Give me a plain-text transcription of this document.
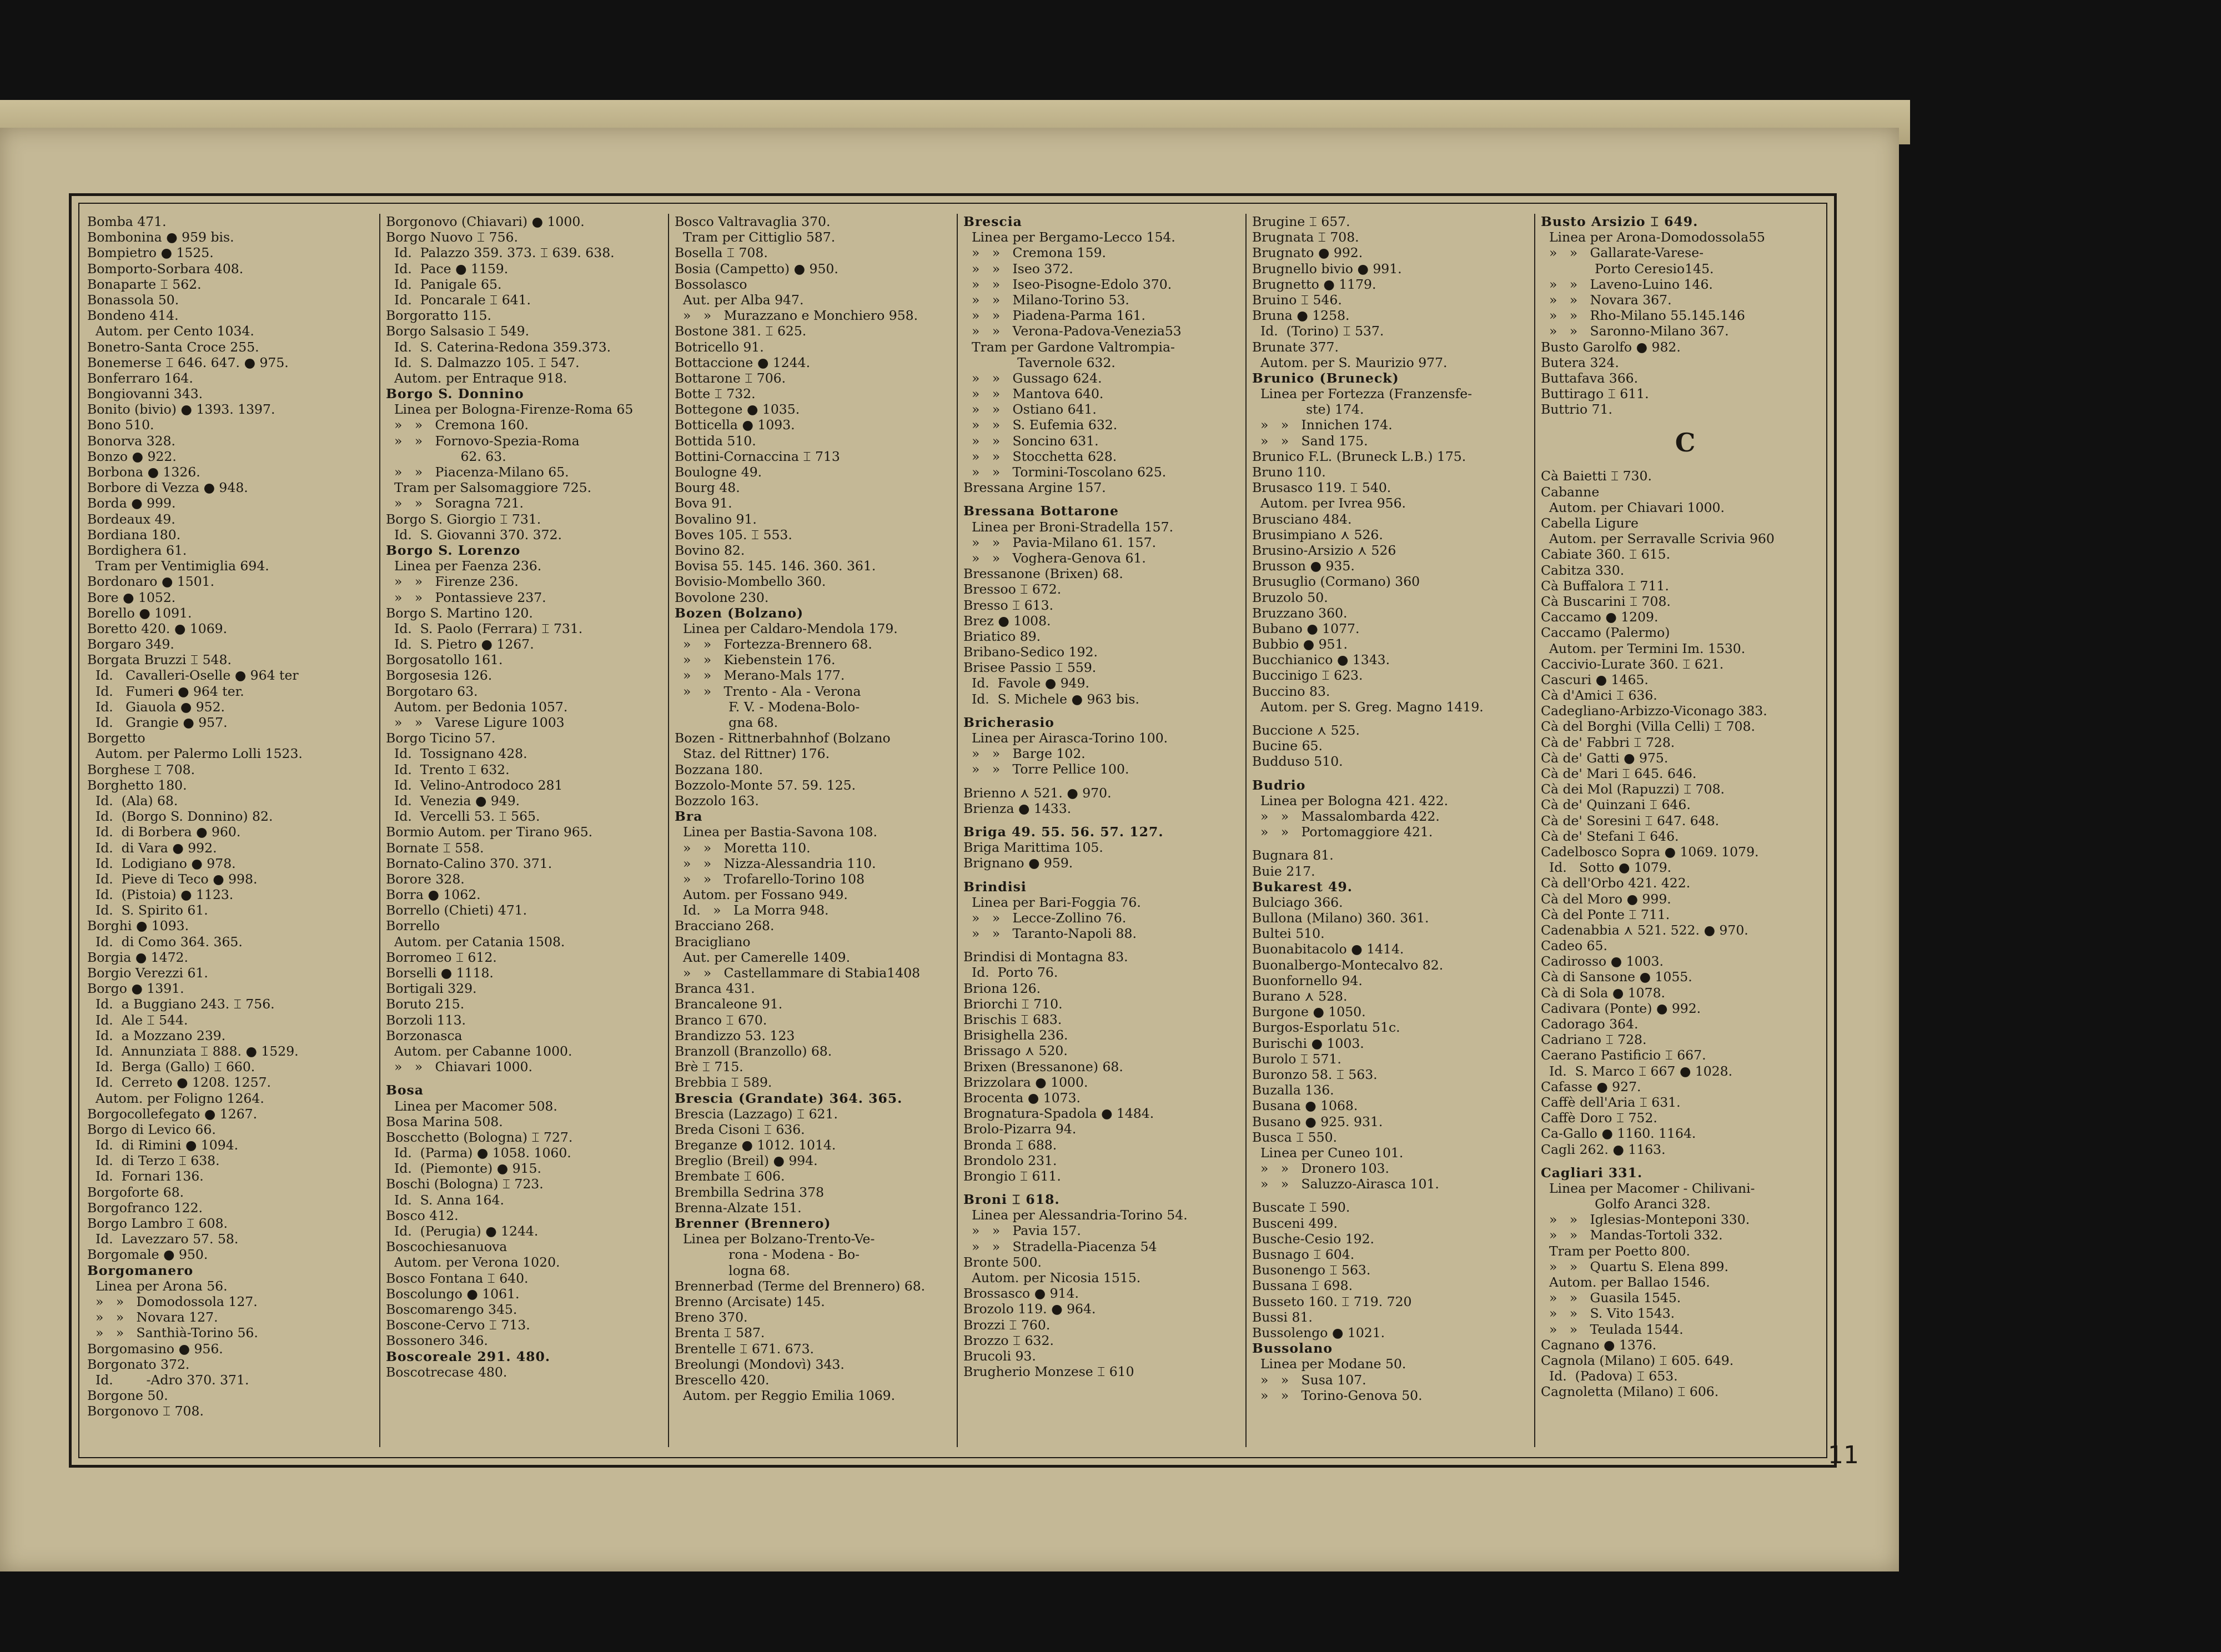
Bomba 471.
Bombonina ● 959 bis.
Bompietro ● 1525.
Bomporto-Sorbara 408.
Bonaparte ⌶ 562.
Bonassola 50.
Bondeno 414.
Autom. per Cento 1034.
Bonetro-Santa Croce 255.
Bonemerse ⌶ 646. 647. ● 975.
Bonferraro 164.
Bongiovanni 343.
Bonito (bivio) ● 1393. 1397.
Bono 510.
Bonorva 328.
Bonzo ● 922.
Borbona ● 1326.
Borbore di Vezza ● 948.
Borda ● 999.
Bordeaux 49.
Bordiana 180.
Bordighera 61.
Tram per Ventimiglia 694.
Bordonaro ● 1501.
Bore ● 1052.
Borello ● 1091.
Boretto 420. ● 1069.
Borgaro 349.
Borgata Bruzzi ⌶ 548.
Id.   Cavalleri-Oselle ● 964 ter
Id.   Fumeri ● 964 ter.
Id.   Giauola ● 952.
Id.   Grangie ● 957.
Borgetto
Autom. per Palermo Lolli 1523.
Borghese ⌶ 708.
Borghetto 180.
Id.  (Ala) 68.
Id.  (Borgo S. Donnino) 82.
Id.  di Borbera ● 960.
Id.  di Vara ● 992.
Id.  Lodigiano ● 978.
Id.  Pieve di Teco ● 998.
Id.  (Pistoia) ● 1123.
Id.  S. Spirito 61.
Borghi ● 1093.
Id.  di Como 364. 365.
Borgia ● 1472.
Borgio Verezzi 61.
Borgo ● 1391.
Id.  a Buggiano 243. ⌶ 756.
Id.  Ale ⌶ 544.
Id.  a Mozzano 239.
Id.  Annunziata ⌶ 888. ● 1529.
Id.  Berga (Gallo) ⌶ 660.
Id.  Cerreto ● 1208. 1257.
Autom. per Foligno 1264.
Borgocollefegato ● 1267.
Borgo di Levico 66.
Id.  di Rimini ● 1094.
Id.  di Terzo ⌶ 638.
Id.  Fornari 136.
Borgoforte 68.
Borgofranco 122.
Borgo Lambro ⌶ 608.
Id.  Lavezzaro 57. 58.
Borgomale ● 950.
Borgomanero
Linea per Arona 56.
»   »   Domodossola 127.
»   »   Novara 127.
»   »   Santhià-Torino 56.
Borgomasino ● 956.
Borgonato 372.
Id.        -Adro 370. 371.
Borgone 50.
Borgonovo ⌶ 708.
Borgonovo (Chiavari) ● 1000.
Borgo Nuovo ⌶ 756.
Id.  Palazzo 359. 373. ⌶ 639. 638.
Id.  Pace ● 1159.
Id.  Panigale 65.
Id.  Poncarale ⌶ 641.
Borgoratto 115.
Borgo Salsasio ⌶ 549.
Id.  S. Caterina-Redona 359.373.
Id.  S. Dalmazzo 105. ⌶ 547.
Autom. per Entraque 918.
Borgo S. Donnino
Linea per Bologna-Firenze-Roma 65
»   »   Cremona 160.
»   »   Fornovo-Spezia-Roma
62. 63.
»   »   Piacenza-Milano 65.
Tram per Salsomaggiore 725.
»   »   Soragna 721.
Borgo S. Giorgio ⌶ 731.
Id.  S. Giovanni 370. 372.
Borgo S. Lorenzo
Linea per Faenza 236.
»   »   Firenze 236.
»   »   Pontassieve 237.
Borgo S. Martino 120.
Id.  S. Paolo (Ferrara) ⌶ 731.
Id.  S. Pietro ● 1267.
Borgosatollo 161.
Borgosesia 126.
Borgotaro 63.
Autom. per Bedonia 1057.
»   »   Varese Ligure 1003
Borgo Ticino 57.
Id.  Tossignano 428.
Id.  Trento ⌶ 632.
Id.  Velino-Antrodoco 281
Id.  Venezia ● 949.
Id.  Vercelli 53. ⌶ 565.
Bormio Autom. per Tirano 965.
Bornate ⌶ 558.
Bornato-Calino 370. 371.
Borore 328.
Borra ● 1062.
Borrello (Chieti) 471.
Borrello
Autom. per Catania 1508.
Borromeo ⌶ 612.
Borselli ● 1118.
Bortigali 329.
Boruto 215.
Borzoli 113.
Borzonasca
Autom. per Cabanne 1000.
»   »   Chiavari 1000.
Bosa
Linea per Macomer 508.
Bosa Marina 508.
Boscchetto (Bologna) ⌶ 727.
Id.  (Parma) ● 1058. 1060.
Id.  (Piemonte) ● 915.
Boschi (Bologna) ⌶ 723.
Id.  S. Anna 164.
Bosco 412.
Id.  (Perugia) ● 1244.
Boscochiesanuova
Autom. per Verona 1020.
Bosco Fontana ⌶ 640.
Boscolungo ● 1061.
Boscomarengo 345.
Boscone-Cervo ⌶ 713.
Bossonero 346.
Boscoreale 291. 480.
Boscotrecase 480.
Bosco Valtravaglia 370.
Tram per Cittiglio 587.
Bosella ⌶ 708.
Bosia (Campetto) ● 950.
Bossolasco
Aut. per Alba 947.
»   »   Murazzano e Monchiero 958.
Bostone 381. ⌶ 625.
Botricello 91.
Bottaccione ● 1244.
Bottarone ⌶ 706.
Botte ⌶ 732.
Bottegone ● 1035.
Botticella ● 1093.
Bottida 510.
Bottini-Cornaccina ⌶ 713
Boulogne 49.
Bourg 48.
Bova 91.
Bovalino 91.
Boves 105. ⌶ 553.
Bovino 82.
Bovisa 55. 145. 146. 360. 361.
Bovisio-Mombello 360.
Bovolone 230.
Bozen (Bolzano)
Linea per Caldaro-Mendola 179.
»   »   Fortezza-Brennero 68.
»   »   Kiebenstein 176.
»   »   Merano-Mals 177.
»   »   Trento - Ala - Verona
F. V. - Modena-Bolo-
gna 68.
Bozen - Rittnerbahnhof (Bolzano
Staz. del Rittner) 176.
Bozzana 180.
Bozzolo-Monte 57. 59. 125.
Bozzolo 163.
Bra
Linea per Bastia-Savona 108.
»   »   Moretta 110.
»   »   Nizza-Alessandria 110.
»   »   Trofarello-Torino 108
Autom. per Fossano 949.
Id.   »   La Morra 948.
Bracciano 268.
Bracigliano
Aut. per Camerelle 1409.
»   »   Castellammare di Stabia1408
Branca 431.
Brancaleone 91.
Branco ⌶ 670.
Brandizzo 53. 123
Branzoll (Branzollo) 68.
Brè ⌶ 715.
Brebbia ⌶ 589.
Brescia (Grandate) 364. 365.
Brescia (Lazzago) ⌶ 621.
Breda Cisoni ⌶ 636.
Breganze ● 1012. 1014.
Breglio (Breil) ● 994.
Brembate ⌶ 606.
Brembilla Sedrina 378
Brenna-Alzate 151.
Brenner (Brennero)
Linea per Bolzano-Trento-Ve-
rona - Modena - Bo-
logna 68.
Brennerbad (Terme del Brennero) 68.
Brenno (Arcisate) 145.
Breno 370.
Brenta ⌶ 587.
Brentelle ⌶ 671. 673.
Breolungi (Mondovì) 343.
Brescello 420.
Autom. per Reggio Emilia 1069.
Brescia
Linea per Bergamo-Lecco 154.
»   »   Cremona 159.
»   »   Iseo 372.
»   »   Iseo-Pisogne-Edolo 370.
»   »   Milano-Torino 53.
»   »   Piadena-Parma 161.
»   »   Verona-Padova-Venezia53
Tram per Gardone Valtrompia-
Tavernole 632.
»   »   Gussago 624.
»   »   Mantova 640.
»   »   Ostiano 641.
»   »   S. Eufemia 632.
»   »   Soncino 631.
»   »   Stocchetta 628.
»   »   Tormini-Toscolano 625.
Bressana Argine 157.
Bressana Bottarone
Linea per Broni-Stradella 157.
»   »   Pavia-Milano 61. 157.
»   »   Voghera-Genova 61.
Bressanone (Brixen) 68.
Bressoo ⌶ 672.
Bresso ⌶ 613.
Brez ● 1008.
Briatico 89.
Bribano-Sedico 192.
Brisee Passio ⌶ 559.
Id.  Favole ● 949.
Id.  S. Michele ● 963 bis.
Bricherasio
Linea per Airasca-Torino 100.
»   »   Barge 102.
»   »   Torre Pellice 100.
Brienno ⋏ 521. ● 970.
Brienza ● 1433.
Briga 49. 55. 56. 57. 127.
Briga Marittima 105.
Brignano ● 959.
Brindisi
Linea per Bari-Foggia 76.
»   »   Lecce-Zollino 76.
»   »   Taranto-Napoli 88.
Brindisi di Montagna 83.
Id.  Porto 76.
Briona 126.
Briorchi ⌶ 710.
Brischis ⌶ 683.
Brisighella 236.
Brissago ⋏ 520.
Brixen (Bressanone) 68.
Brizzolara ● 1000.
Brocenta ● 1073.
Brognatura-Spadola ● 1484.
Brolo-Pizarra 94.
Bronda ⌶ 688.
Brondolo 231.
Brongio ⌶ 611.
Broni ⌶ 618.
Linea per Alessandria-Torino 54.
»   »   Pavia 157.
»   »   Stradella-Piacenza 54
Bronte 500.
Autom. per Nicosia 1515.
Brossasco ● 914.
Brozolo 119. ● 964.
Brozzi ⌶ 760.
Brozzo ⌶ 632.
Brucoli 93.
Brugherio Monzese ⌶ 610
Brugine ⌶ 657.
Brugnata ⌶ 708.
Brugnato ● 992.
Brugnello bivio ● 991.
Brugnetto ● 1179.
Bruino ⌶ 546.
Bruna ● 1258.
Id.  (Torino) ⌶ 537.
Brunate 377.
Autom. per S. Maurizio 977.
Brunico (Bruneck)
Linea per Fortezza (Franzensfe-
ste) 174.
»   »   Innichen 174.
»   »   Sand 175.
Brunico F.L. (Bruneck L.B.) 175.
Bruno 110.
Brusasco 119. ⌶ 540.
Autom. per Ivrea 956.
Brusciano 484.
Brusimpiano ⋏ 526.
Brusino-Arsizio ⋏ 526
Brusson ● 935.
Brusuglio (Cormano) 360
Bruzolo 50.
Bruzzano 360.
Bubano ● 1077.
Bubbio ● 951.
Bucchianico ● 1343.
Buccinigo ⌶ 623.
Buccino 83.
Autom. per S. Greg. Magno 1419.
Buccione ⋏ 525.
Bucine 65.
Budduso 510.
Budrio
Linea per Bologna 421. 422.
»   »   Massalombarda 422.
»   »   Portomaggiore 421.
Bugnara 81.
Buie 217.
Bukarest 49.
Bulciago 366.
Bullona (Milano) 360. 361.
Bultei 510.
Buonabitacolo ● 1414.
Buonalbergo-Montecalvo 82.
Buonfornello 94.
Burano ⋏ 528.
Burgone ● 1050.
Burgos-Esporlatu 51c.
Burischi ● 1003.
Burolo ⌶ 571.
Buronzo 58. ⌶ 563.
Buzalla 136.
Busana ● 1068.
Busano ● 925. 931.
Busca ⌶ 550.
Linea per Cuneo 101.
»   »   Dronero 103.
»   »   Saluzzo-Airasca 101.
Buscate ⌶ 590.
Busceni 499.
Busche-Cesio 192.
Busnago ⌶ 604.
Busonengo ⌶ 563.
Bussana ⌶ 698.
Busseto 160. ⌶ 719. 720
Bussi 81.
Bussolengo ● 1021.
Bussolano
Linea per Modane 50.
»   »   Susa 107.
»   »   Torino-Genova 50.
Busto Arsizio ⌶ 649.
Linea per Arona-Domodossola55
»   »   Gallarate-Varese-
Porto Ceresio145.
»   »   Laveno-Luino 146.
»   »   Novara 367.
»   »   Rho-Milano 55.145.146
»   »   Saronno-Milano 367.
Busto Garolfo ● 982.
Butera 324.
Buttafava 366.
Buttirago ⌶ 611.
Buttrio 71.
C
Cà Baietti ⌶ 730.
Cabanne
Autom. per Chiavari 1000.
Cabella Ligure
Autom. per Serravalle Scrivia 960
Cabiate 360. ⌶ 615.
Cabitza 330.
Cà Buffalora ⌶ 711.
Cà Buscarini ⌶ 708.
Caccamo ● 1209.
Caccamo (Palermo)
Autom. per Termini Im. 1530.
Caccivio-Lurate 360. ⌶ 621.
Cascuri ● 1465.
Cà d'Amici ⌶ 636.
Cadegliano-Arbizzo-Viconago 383.
Cà del Borghi (Villa Celli) ⌶ 708.
Cà de' Fabbri ⌶ 728.
Cà de' Gatti ● 975.
Cà de' Mari ⌶ 645. 646.
Cà dei Mol (Rapuzzi) ⌶ 708.
Cà de' Quinzani ⌶ 646.
Cà de' Soresini ⌶ 647. 648.
Cà de' Stefani ⌶ 646.
Cadelbosco Sopra ● 1069. 1079.
Id.   Sotto ● 1079.
Cà dell'Orbo 421. 422.
Cà del Moro ● 999.
Cà del Ponte ⌶ 711.
Cadenabbia ⋏ 521. 522. ● 970.
Cadeo 65.
Cadirosso ● 1003.
Cà di Sansone ● 1055.
Cà di Sola ● 1078.
Cadivara (Ponte) ● 992.
Cadorago 364.
Cadriano ⌶ 728.
Caerano Pastificio ⌶ 667.
Id.  S. Marco ⌶ 667 ● 1028.
Cafasse ● 927.
Caffè dell'Aria ⌶ 631.
Caffè Doro ⌶ 752.
Ca-Gallo ● 1160. 1164.
Cagli 262. ● 1163.
Cagliari 331.
Linea per Macomer - Chilivani-
Golfo Aranci 328.
»   »   Iglesias-Monteponi 330.
»   »   Mandas-Tortoli 332.
Tram per Poetto 800.
»   »   Quartu S. Elena 899.
Autom. per Ballao 1546.
»   »   Guasila 1545.
»   »   S. Vito 1543.
»   »   Teulada 1544.
Cagnano ● 1376.
Cagnola (Milano) ⌶ 605. 649.
Id.  (Padova) ⌶ 653.
Cagnoletta (Milano) ⌶ 606.
11
